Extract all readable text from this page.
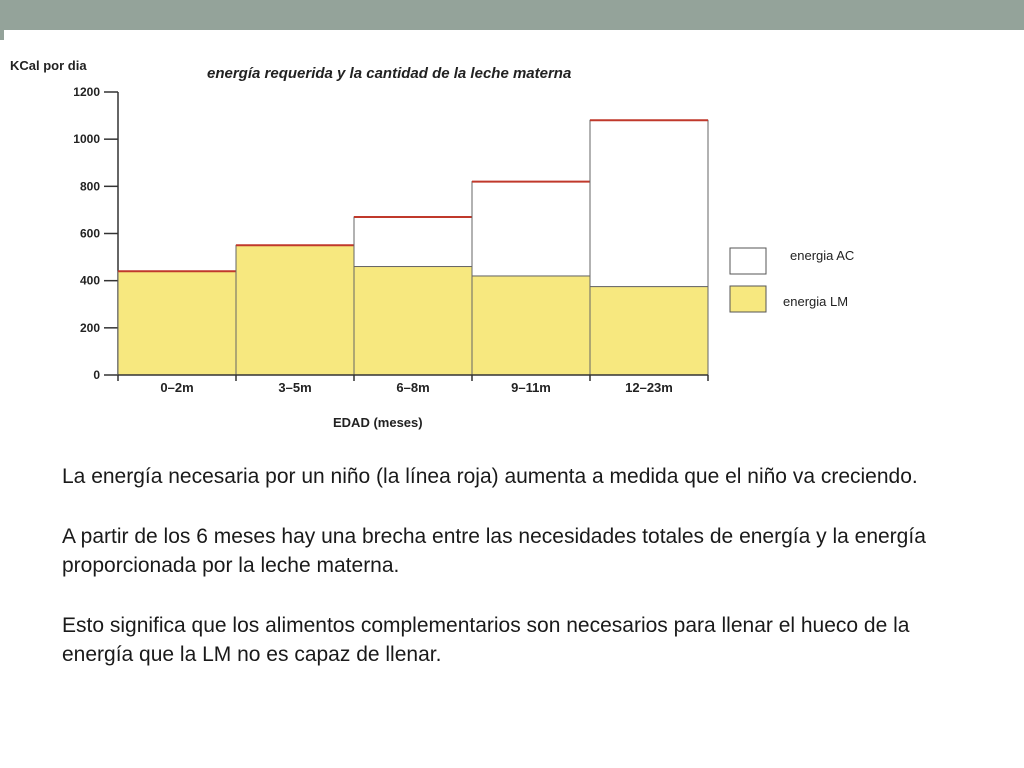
KCal por dia	energía requerida y la cantidad de la leche materna
EDAD (meses)
0
200
400
600
800
1000
1200
0–2m	3–5m	6–8m	9–11m	12–23m
energia AC
energia LM

La energía necesaria por un niño (la línea roja) aumenta a medida que el niño va creciendo.

A partir de los 6 meses hay una brecha entre las necesidades totales de energía y la energía proporcionada por la leche materna.

Esto significa que los alimentos complementarios son necesarios para llenar el hueco de la energía que la LM no es capaz de llenar.
